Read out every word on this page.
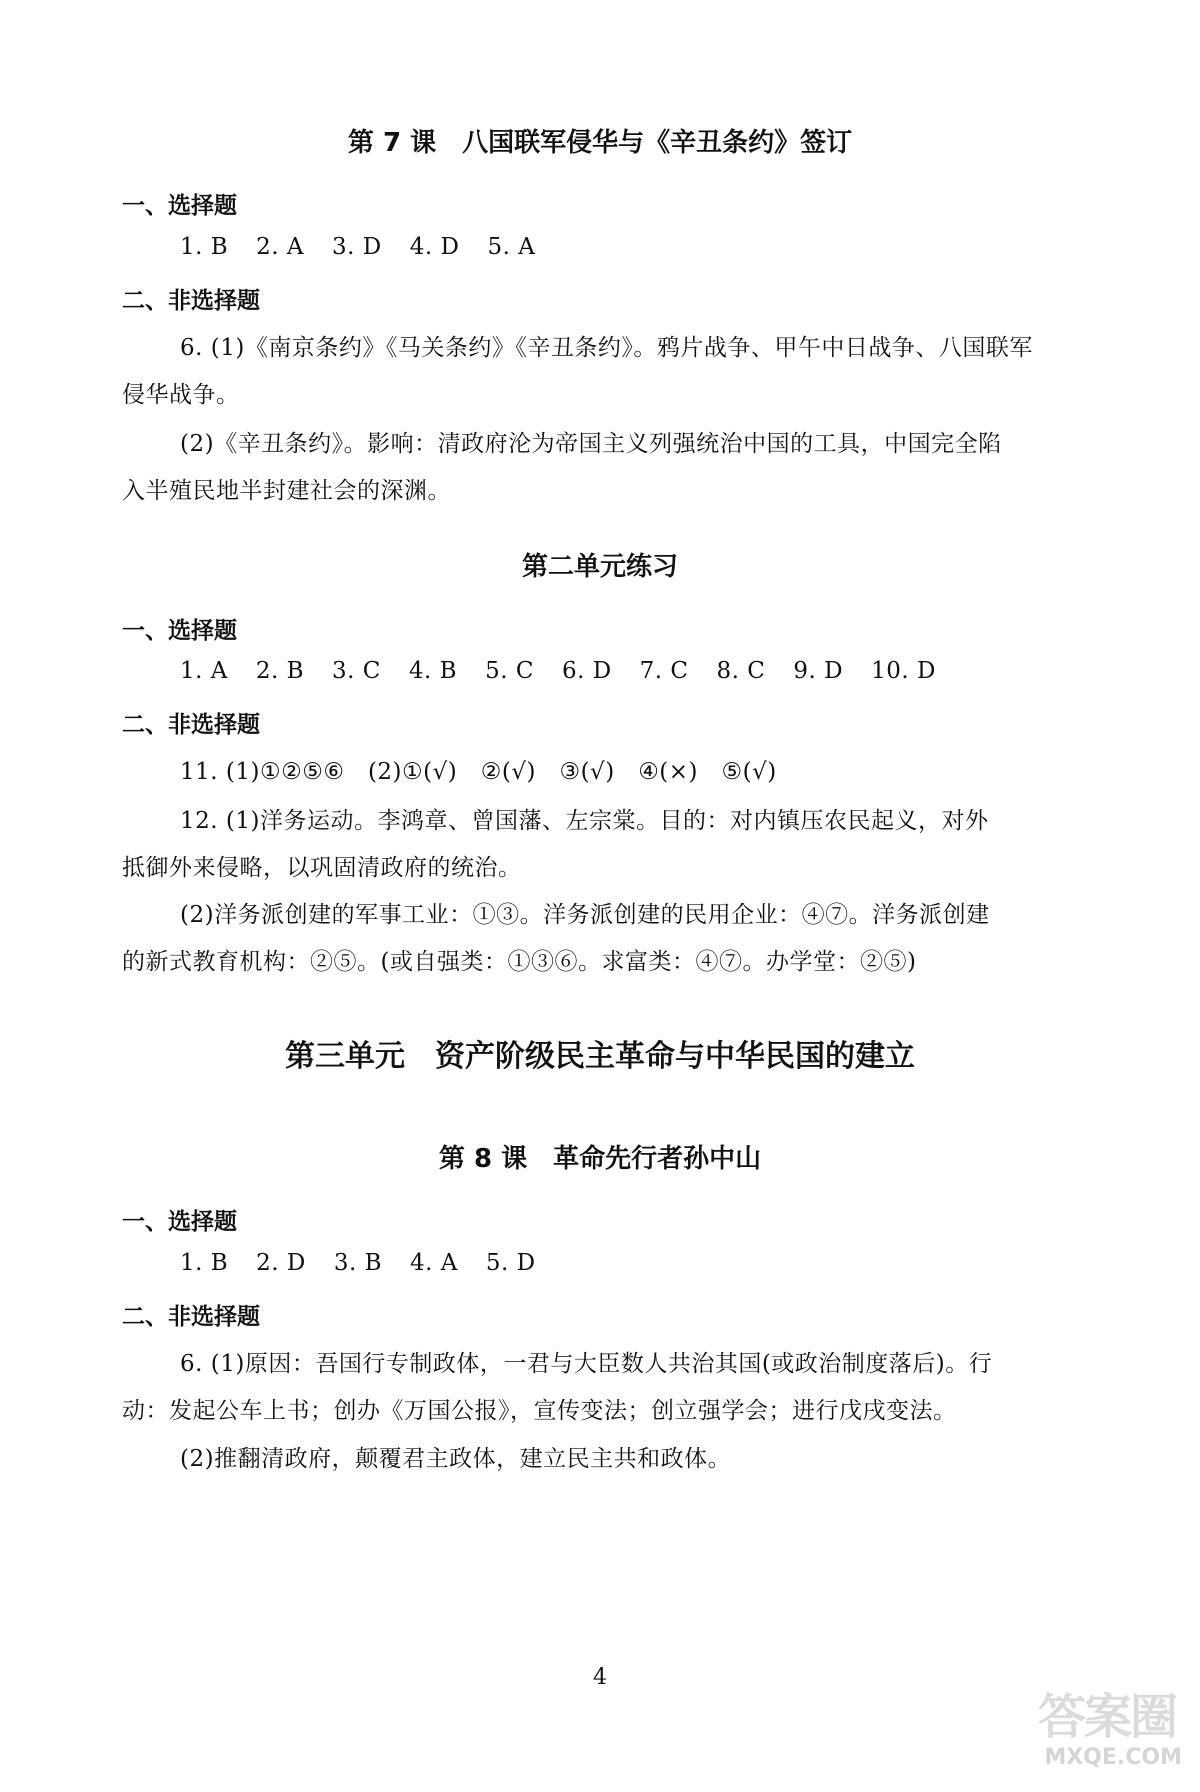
第 7 课　八国联军侵华与《辛丑条约》签订
一、选择题
1. B 2. A 3. D 4. D 5. A
二、非选择题
6. (1)《南京条约》《马关条约》《辛丑条约》。鸦片战争、甲午中日战争、八国联军
侵华战争。
(2)《辛丑条约》。影响：清政府沦为帝国主义列强统治中国的工具，中国完全陷
入半殖民地半封建社会的深渊。
第二单元练习
一、选择题
1. A 2. B 3. C 4. B 5. C 6. D 7. C 8. C 9. D 10. D
二、非选择题
11. (1)①②⑤⑥　(2)①(√)　②(√)　③(√)　④(×)　⑤(√)
12. (1)洋务运动。李鸿章、曾国藩、左宗棠。目的：对内镇压农民起义，对外
抵御外来侵略，以巩固清政府的统治。
(2)洋务派创建的军事工业：①③。洋务派创建的民用企业：④⑦。洋务派创建
的新式教育机构：②⑤。(或自强类：①③⑥。求富类：④⑦。办学堂：②⑤)
第三单元　资产阶级民主革命与中华民国的建立
第 8 课　革命先行者孙中山
一、选择题
1. B 2. D 3. B 4. A 5. D
二、非选择题
6. (1)原因：吾国行专制政体，一君与大臣数人共治其国(或政治制度落后)。行
动：发起公车上书；创办《万国公报》，宣传变法；创立强学会；进行戊戌变法。
(2)推翻清政府，颠覆君主政体，建立民主共和政体。
4
答案圈
MXQE.COM
